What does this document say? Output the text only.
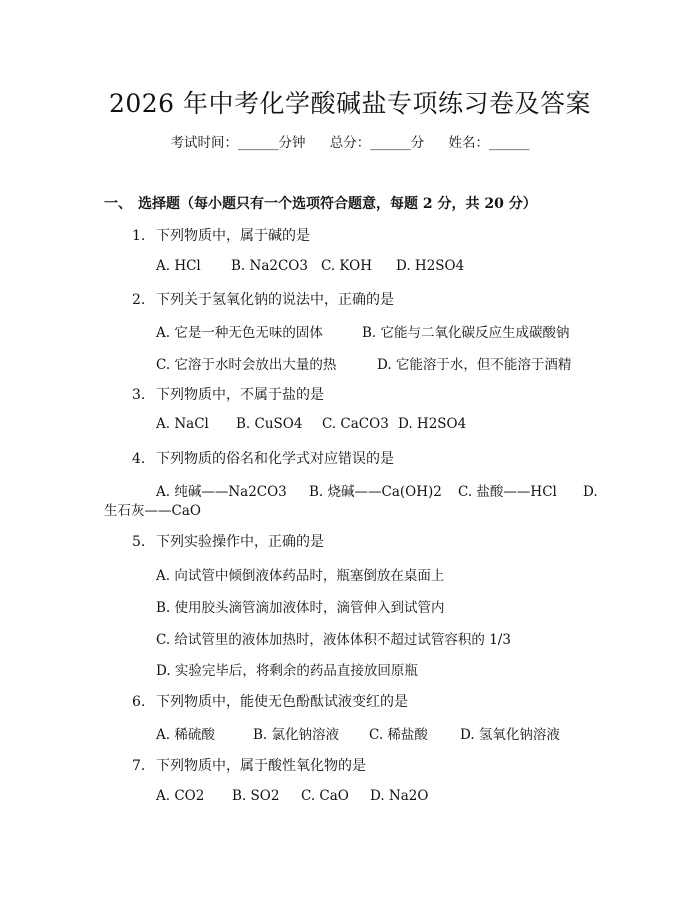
2026 年中考化学酸碱盐专项练习卷及答案
考试时间：______分钟 总分：______分 姓名：______
一、 选择题（每小题只有一个选项符合题意，每题 2 分，共 20 分）
1. 下列物质中，属于碱的是
A. HCl B. Na2CO3 C. KOH D. H2SO4
2. 下列关于氢氧化钠的说法中，正确的是
A. 它是一种无色无味的固体	B. 它能与二氧化碳反应生成碳酸钠
C. 它溶于水时会放出大量的热	D. 它能溶于水，但不能溶于酒精
3. 下列物质中，不属于盐的是
A. NaCl B. CuSO4 C. CaCO3 D. H2SO4
4. 下列物质的俗名和化学式对应错误的是
A. 纯碱——Na2CO3 B. 烧碱——Ca(OH)2 C. 盐酸——HCl D.
生石灰——CaO
5. 下列实验操作中，正确的是
A. 向试管中倾倒液体药品时，瓶塞倒放在桌面上
B. 使用胶头滴管滴加液体时，滴管伸入到试管内
C. 给试管里的液体加热时，液体体积不超过试管容积的 1/3
D. 实验完毕后，将剩余的药品直接放回原瓶
6. 下列物质中，能使无色酚酞试液变红的是
A. 稀硫酸	B. 氯化钠溶液 C. 稀盐酸 D. 氢氧化钠溶液
7. 下列物质中，属于酸性氧化物的是
A. CO2 B. SO2 C. CaO D. Na2O
